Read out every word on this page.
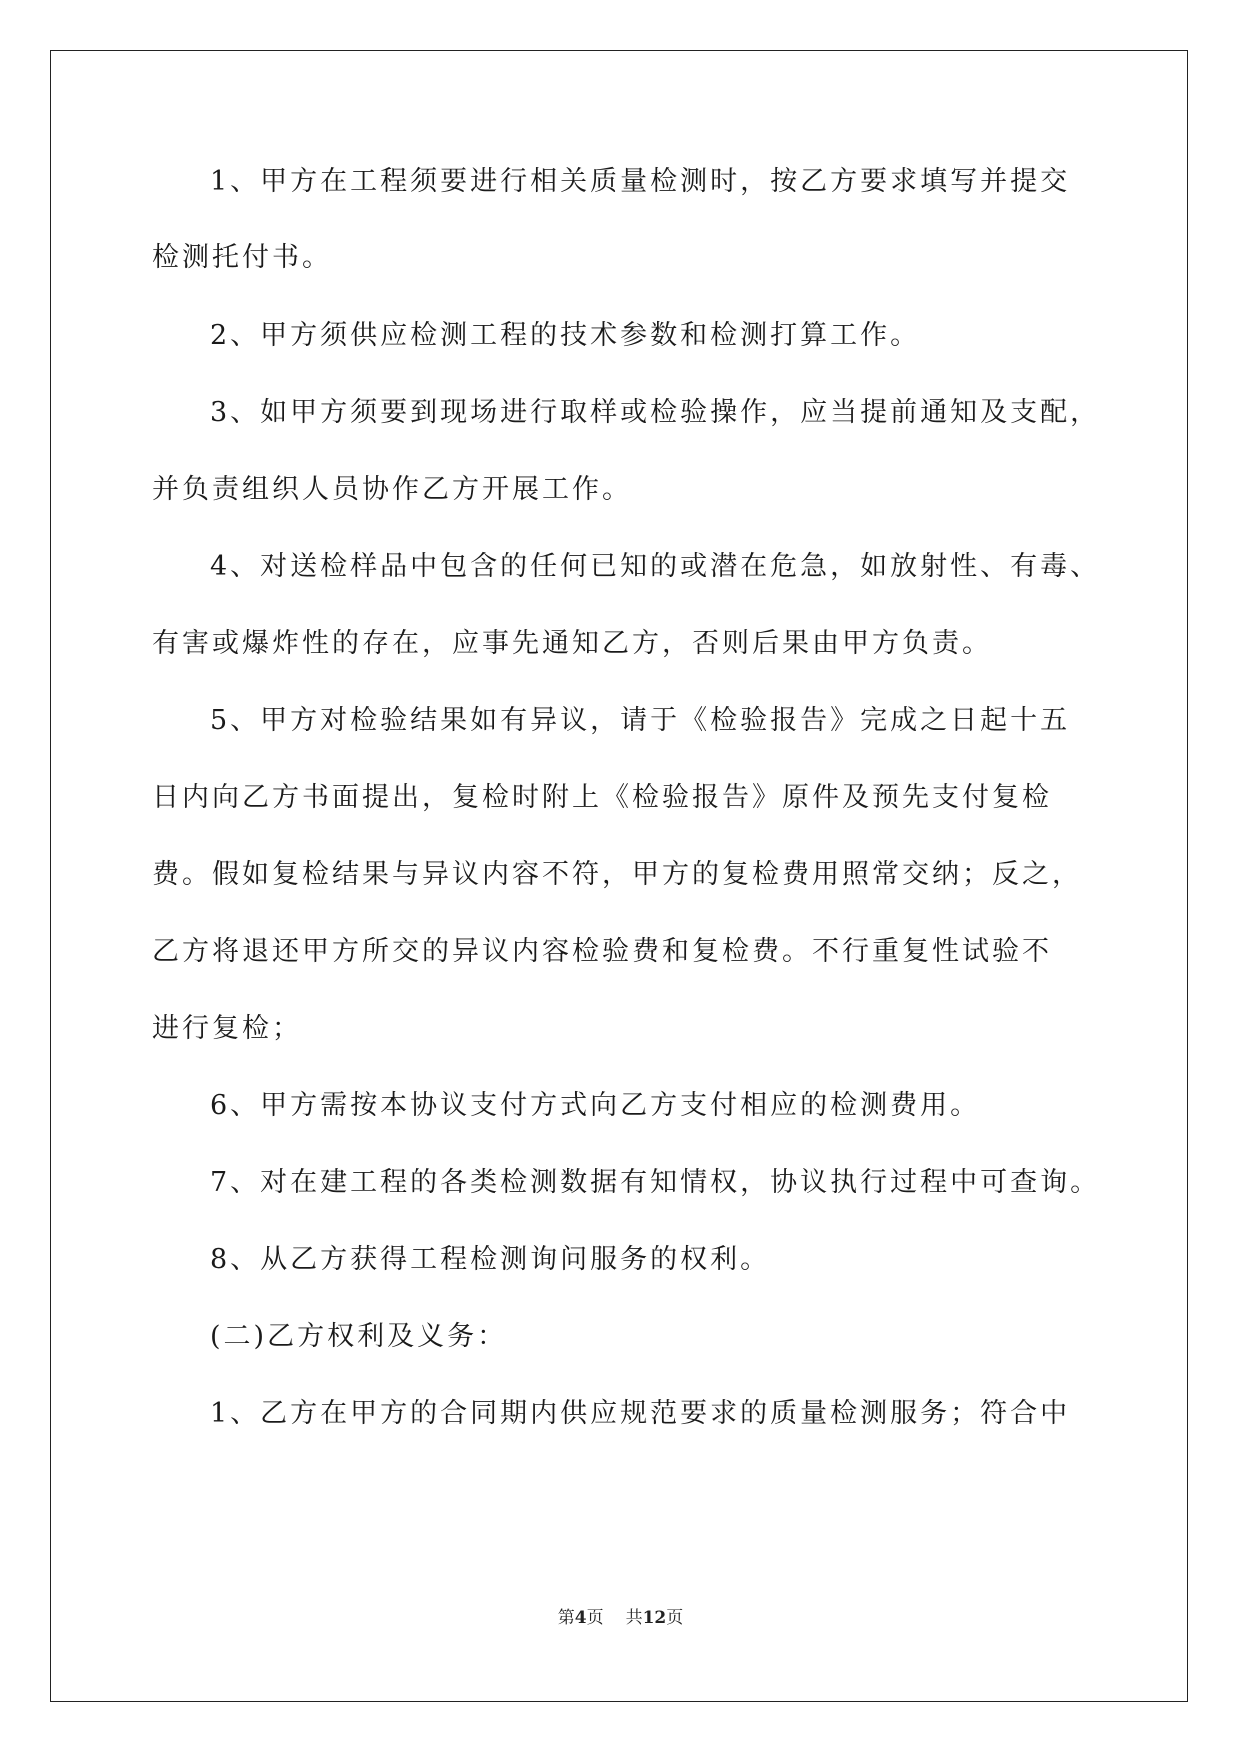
1、甲方在工程须要进行相关质量检测时，按乙方要求填写并提交
检测托付书。
2、甲方须供应检测工程的技术参数和检测打算工作。
3、如甲方须要到现场进行取样或检验操作，应当提前通知及支配，
并负责组织人员协作乙方开展工作。
4、对送检样品中包含的任何已知的或潜在危急，如放射性、有毒、
有害或爆炸性的存在，应事先通知乙方，否则后果由甲方负责。
5、甲方对检验结果如有异议，请于《检验报告》完成之日起十五
日内向乙方书面提出，复检时附上《检验报告》原件及预先支付复检
费。假如复检结果与异议内容不符，甲方的复检费用照常交纳；反之，
乙方将退还甲方所交的异议内容检验费和复检费。不行重复性试验不
进行复检；
6、甲方需按本协议支付方式向乙方支付相应的检测费用。
7、对在建工程的各类检测数据有知情权，协议执行过程中可查询。
8、从乙方获得工程检测询问服务的权利。
(二)乙方权利及义务：
1、乙方在甲方的合同期内供应规范要求的质量检测服务；符合中
第4页 共12页
